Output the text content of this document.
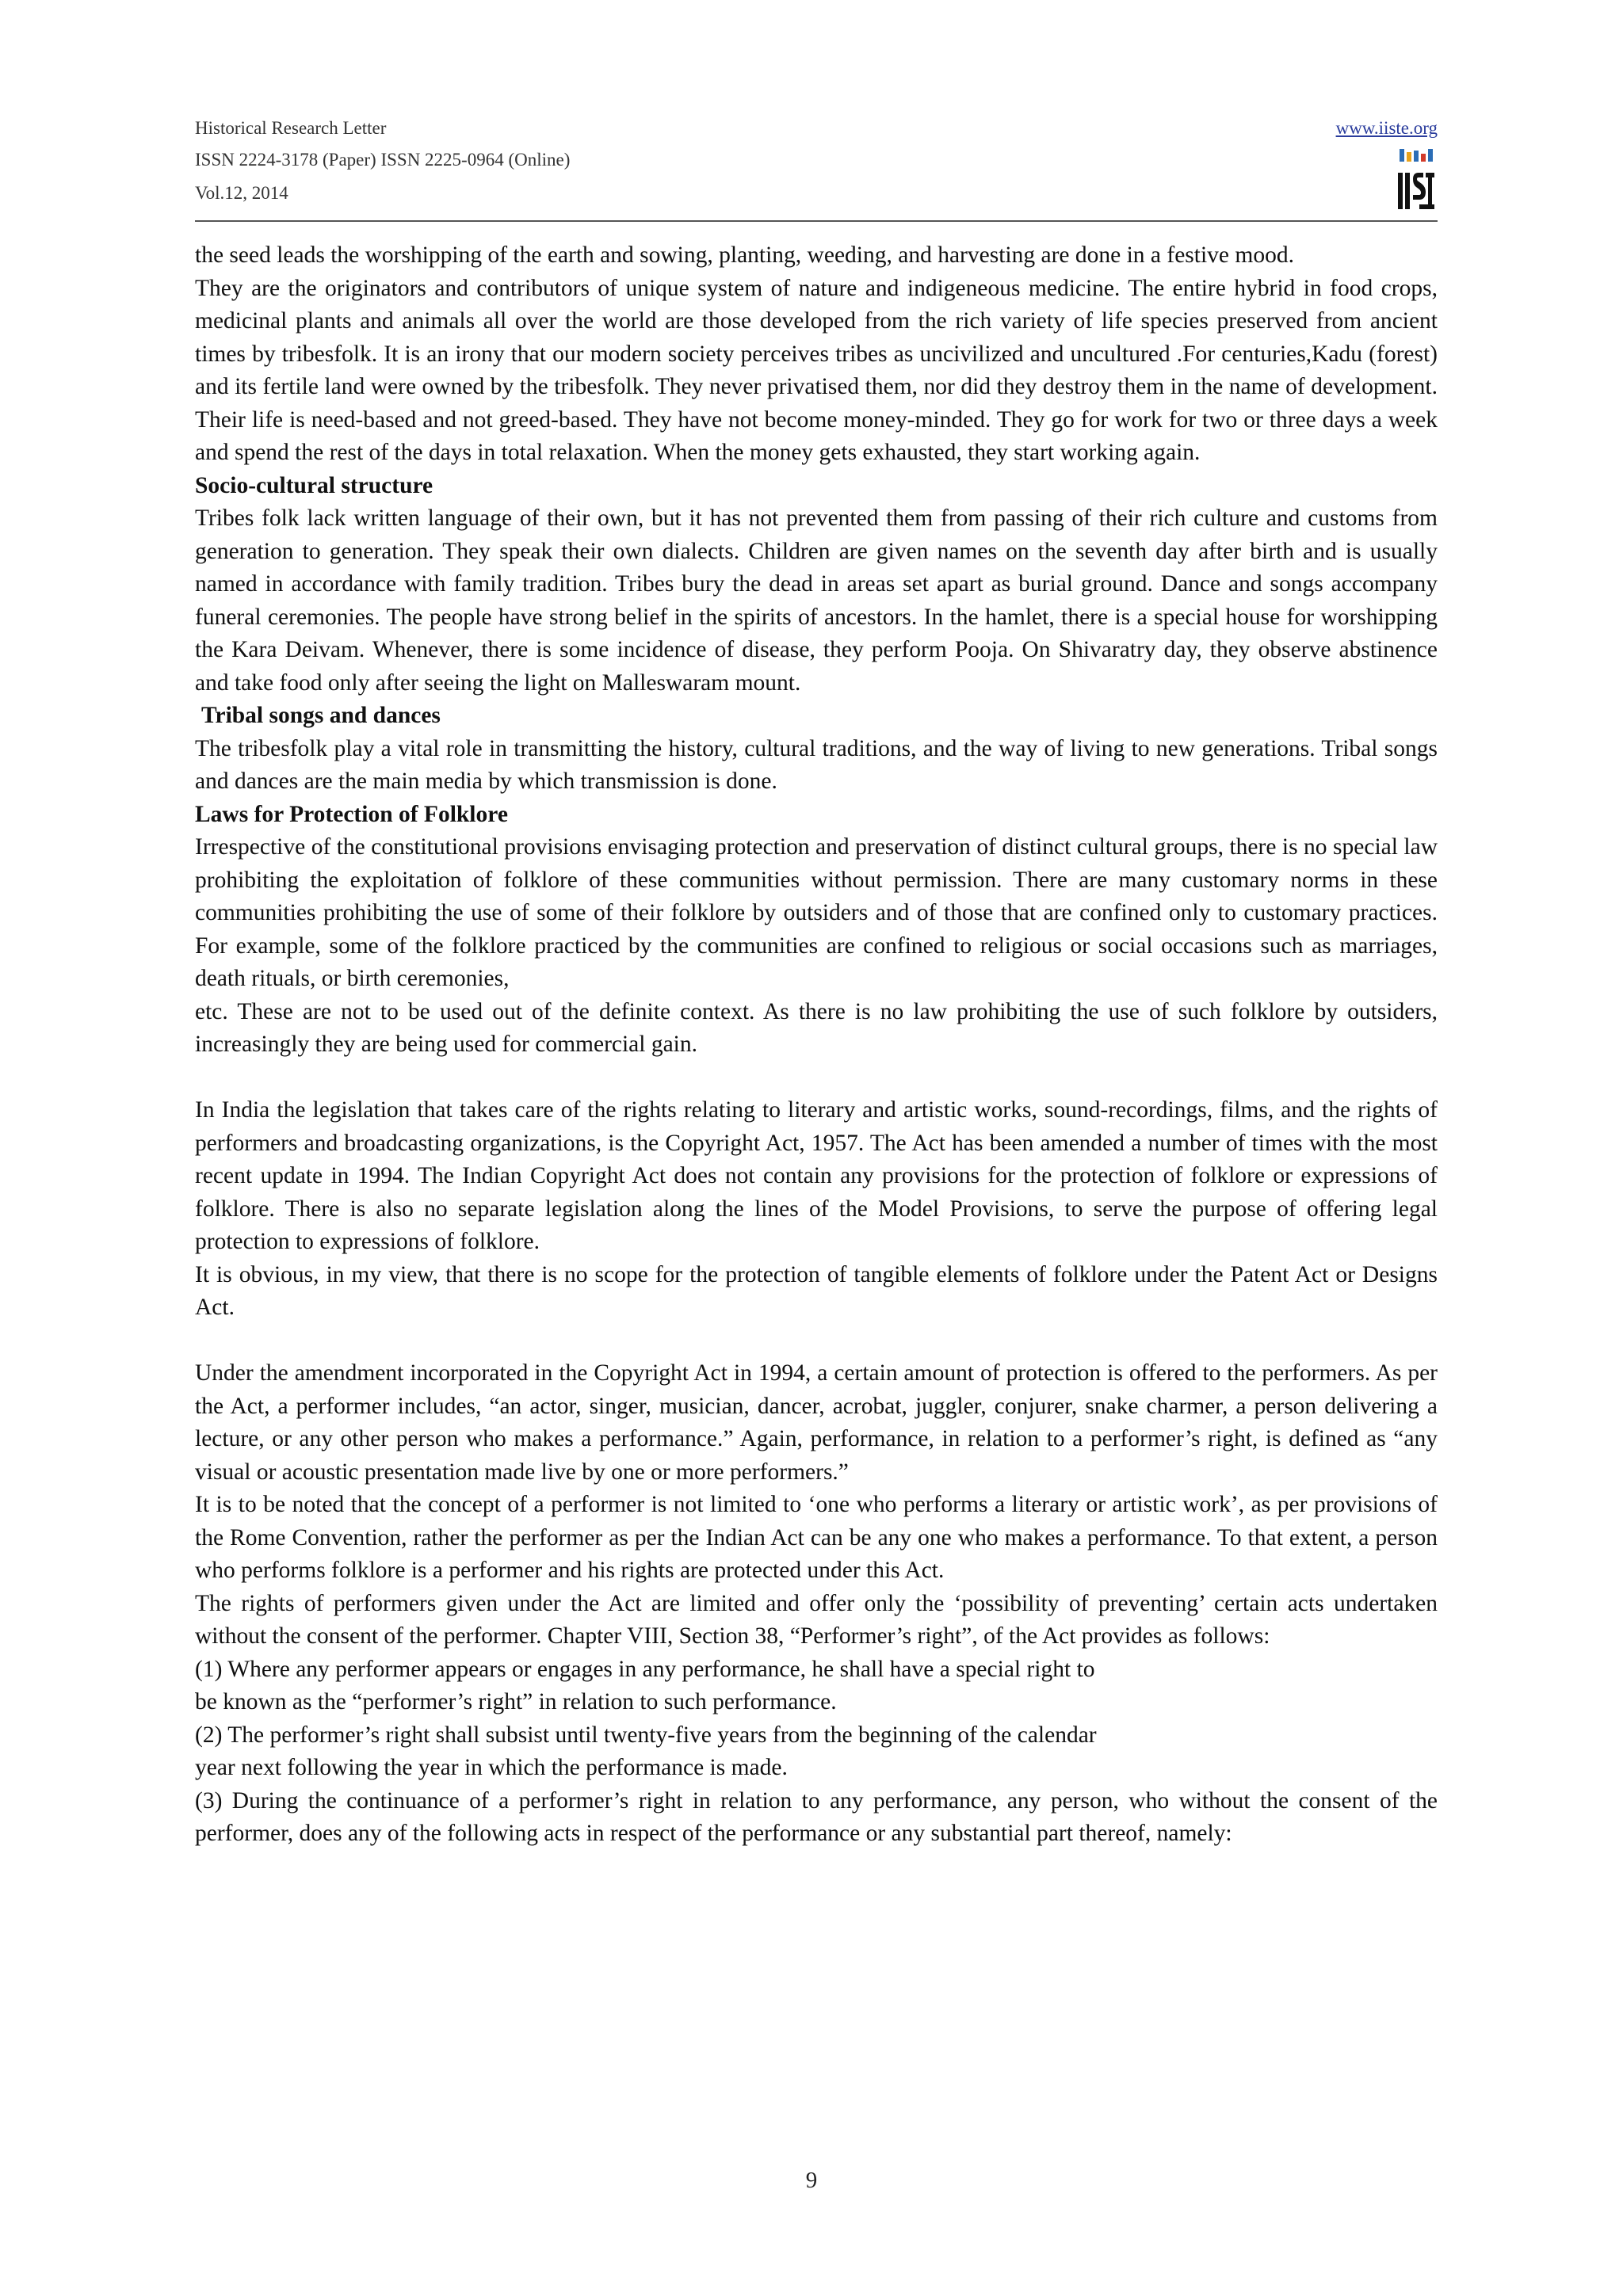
Historical Research Letter
ISSN 2224-3178 (Paper) ISSN 2225-0964 (Online)
Vol.12, 2014
www.iiste.org

the seed leads the worshipping of the earth and sowing, planting, weeding, and harvesting are done in a festive mood.

They are the originators and contributors of unique system of nature and indigeneous medicine. The entire hybrid in food crops, medicinal plants and animals all over the world are those developed from the rich variety of life species preserved from ancient times by tribesfolk. It is an irony that our modern society perceives tribes as uncivilized and uncultured .For centuries,Kadu (forest) and its fertile land were owned by the tribesfolk. They never privatised them, nor did they destroy them in the name of development. Their life is need-based and not greed-based. They have not become money-minded. They go for work for two or three days a week and spend the rest of the days in total relaxation. When the money gets exhausted, they start working again.

Socio-cultural structure

Tribes folk lack written language of their own, but it has not prevented them from passing of their rich culture and customs from generation to generation. They speak their own dialects. Children are given names on the seventh day after birth and is usually named in accordance with family tradition. Tribes bury the dead in areas set apart as burial ground. Dance and songs accompany funeral ceremonies. The people have strong belief in the spirits of ancestors. In the hamlet, there is a special house for worshipping the Kara Deivam. Whenever, there is some incidence of disease, they perform Pooja. On Shivaratry day, they observe abstinence and take food only after seeing the light on Malleswaram mount.

Tribal songs and dances

The tribesfolk play a vital role in transmitting the history, cultural traditions, and the way of living to new generations. Tribal songs and dances are the main media by which transmission is done.

Laws for Protection of Folklore

Irrespective of the constitutional provisions envisaging protection and preservation of distinct cultural groups, there is no special law prohibiting the exploitation of folklore of these communities without permission. There are many customary norms in these communities prohibiting the use of some of their folklore by outsiders and of those that are confined only to customary practices. For example, some of the folklore practiced by the communities are confined to religious or social occasions such as marriages, death rituals, or birth ceremonies,

etc. These are not to be used out of the definite context. As there is no law prohibiting the use of such folklore by outsiders, increasingly they are being used for commercial gain.

In India the legislation that takes care of the rights relating to literary and artistic works, sound-recordings, films, and the rights of performers and broadcasting organizations, is the Copyright Act, 1957. The Act has been amended a number of times with the most recent update in 1994. The Indian Copyright Act does not contain any provisions for the protection of folklore or expressions of folklore. There is also no separate legislation along the lines of the Model Provisions, to serve the purpose of offering legal protection to expressions of folklore.

It is obvious, in my view, that there is no scope for the protection of tangible elements of folklore under the Patent Act or Designs Act.

Under the amendment incorporated in the Copyright Act in 1994, a certain amount of protection is offered to the performers. As per the Act, a performer includes, “an actor, singer, musician, dancer, acrobat, juggler, conjurer, snake charmer, a person delivering a lecture, or any other person who makes a performance.” Again, performance, in relation to a performer’s right, is defined as “any visual or acoustic presentation made live by one or more performers.”

It is to be noted that the concept of a performer is not limited to ‘one who performs a literary or artistic work’, as per provisions of the Rome Convention, rather the performer as per the Indian Act can be any one who makes a performance. To that extent, a person who performs folklore is a performer and his rights are protected under this Act.

The rights of performers given under the Act are limited and offer only the ‘possibility of preventing’ certain acts undertaken without the consent of the performer. Chapter VIII, Section 38, “Performer’s right”, of the Act provides as follows:

(1) Where any performer appears or engages in any performance, he shall have a special right to

be known as the “performer’s right” in relation to such performance.

(2) The performer’s right shall subsist until twenty-five years from the beginning of the calendar

year next following the year in which the performance is made.

(3) During the continuance of a performer’s right in relation to any performance, any person, who without the consent of the performer, does any of the following acts in respect of the performance or any substantial part thereof, namely:

9
